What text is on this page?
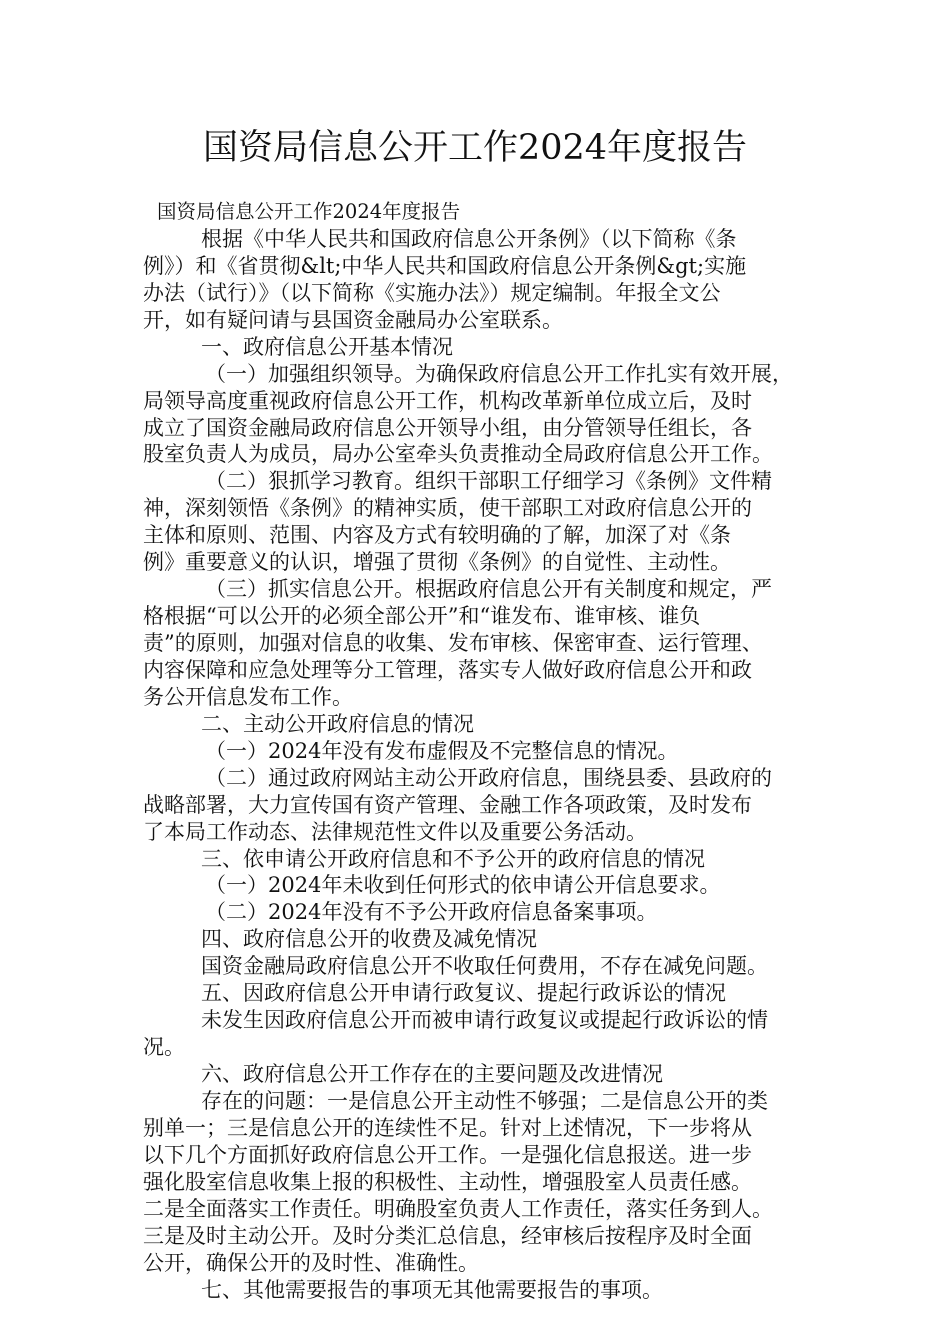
国资局信息公开工作2024年度报告
国资局信息公开工作2024年度报告
根据《中华人民共和国政府信息公开条例》（以下简称《条
例》）和《省贯彻&lt;中华人民共和国政府信息公开条例&gt;实施
办法（试行）》（以下简称《实施办法》）规定编制。年报全文公
开，如有疑问请与县国资金融局办公室联系。
一、政府信息公开基本情况
（一）加强组织领导。为确保政府信息公开工作扎实有效开展，
局领导高度重视政府信息公开工作，机构改革新单位成立后，及时
成立了国资金融局政府信息公开领导小组，由分管领导任组长，各
股室负责人为成员，局办公室牵头负责推动全局政府信息公开工作。
（二）狠抓学习教育。组织干部职工仔细学习《条例》文件精
神，深刻领悟《条例》的精神实质，使干部职工对政府信息公开的
主体和原则、范围、内容及方式有较明确的了解，加深了对《条
例》重要意义的认识，增强了贯彻《条例》的自觉性、主动性。
（三）抓实信息公开。根据政府信息公开有关制度和规定，严
格根据“可以公开的必须全部公开”和“谁发布、谁审核、谁负
责”的原则，加强对信息的收集、发布审核、保密审查、运行管理、
内容保障和应急处理等分工管理，落实专人做好政府信息公开和政
务公开信息发布工作。
二、主动公开政府信息的情况
（一）2024年没有发布虚假及不完整信息的情况。
（二）通过政府网站主动公开政府信息，围绕县委、县政府的
战略部署，大力宣传国有资产管理、金融工作各项政策，及时发布
了本局工作动态、法律规范性文件以及重要公务活动。
三、依申请公开政府信息和不予公开的政府信息的情况
（一）2024年未收到任何形式的依申请公开信息要求。
（二）2024年没有不予公开政府信息备案事项。
四、政府信息公开的收费及减免情况
国资金融局政府信息公开不收取任何费用，不存在减免问题。
五、因政府信息公开申请行政复议、提起行政诉讼的情况
未发生因政府信息公开而被申请行政复议或提起行政诉讼的情
况。
六、政府信息公开工作存在的主要问题及改进情况
存在的问题：一是信息公开主动性不够强；二是信息公开的类
别单一；三是信息公开的连续性不足。针对上述情况，下一步将从
以下几个方面抓好政府信息公开工作。一是强化信息报送。进一步
强化股室信息收集上报的积极性、主动性，增强股室人员责任感。
二是全面落实工作责任。明确股室负责人工作责任，落实任务到人。
三是及时主动公开。及时分类汇总信息，经审核后按程序及时全面
公开，确保公开的及时性、准确性。
七、其他需要报告的事项无其他需要报告的事项。
